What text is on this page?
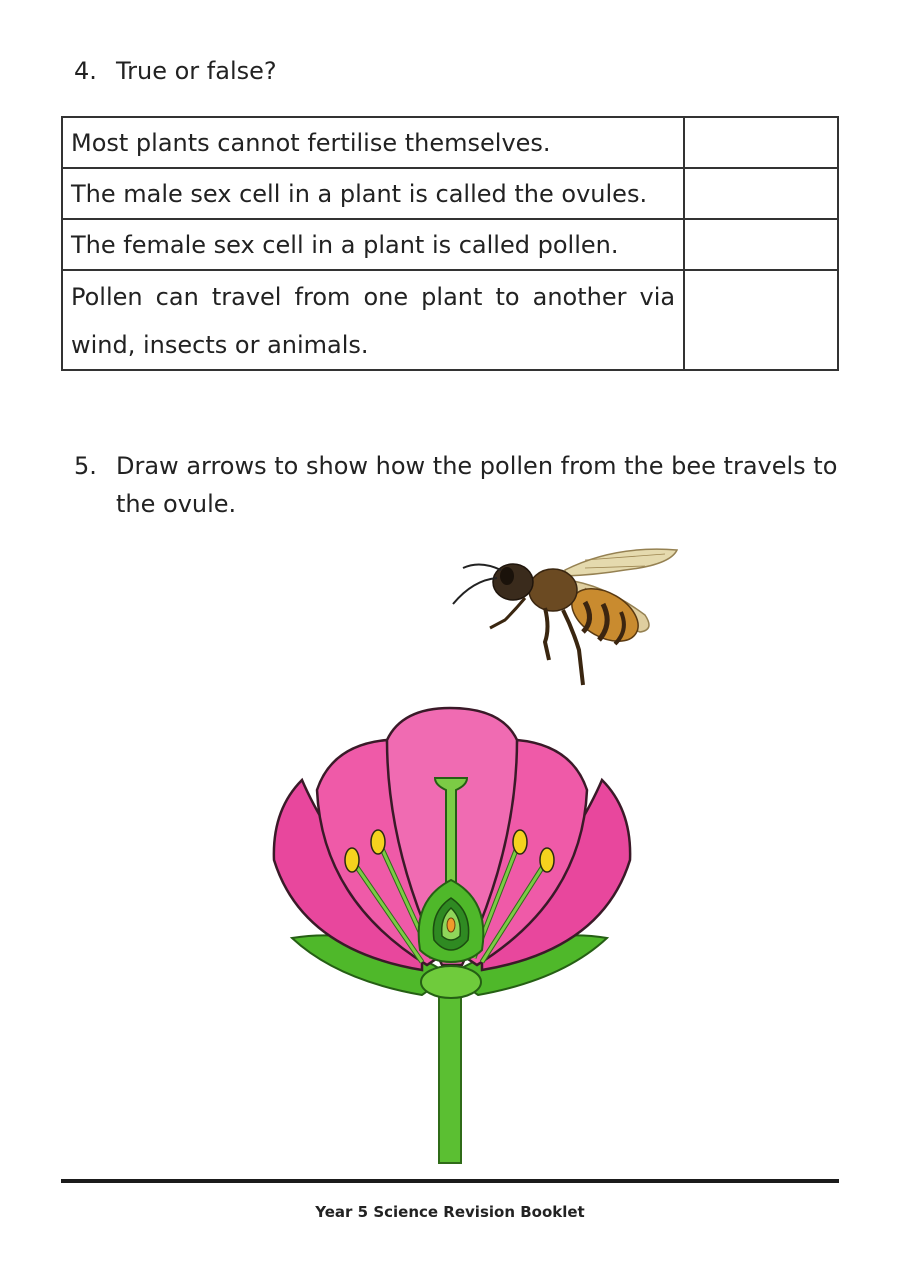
4. True or false?
Most plants cannot fertilise themselves.	
The male sex cell in a plant is called the ovules.	
The female sex cell in a plant is called pollen.	
Pollen can travel from one plant to another via wind, insects or animals.	
5. Draw arrows to show how the pollen from the bee travels to the ovule.
Year 5 Science Revision Booklet
